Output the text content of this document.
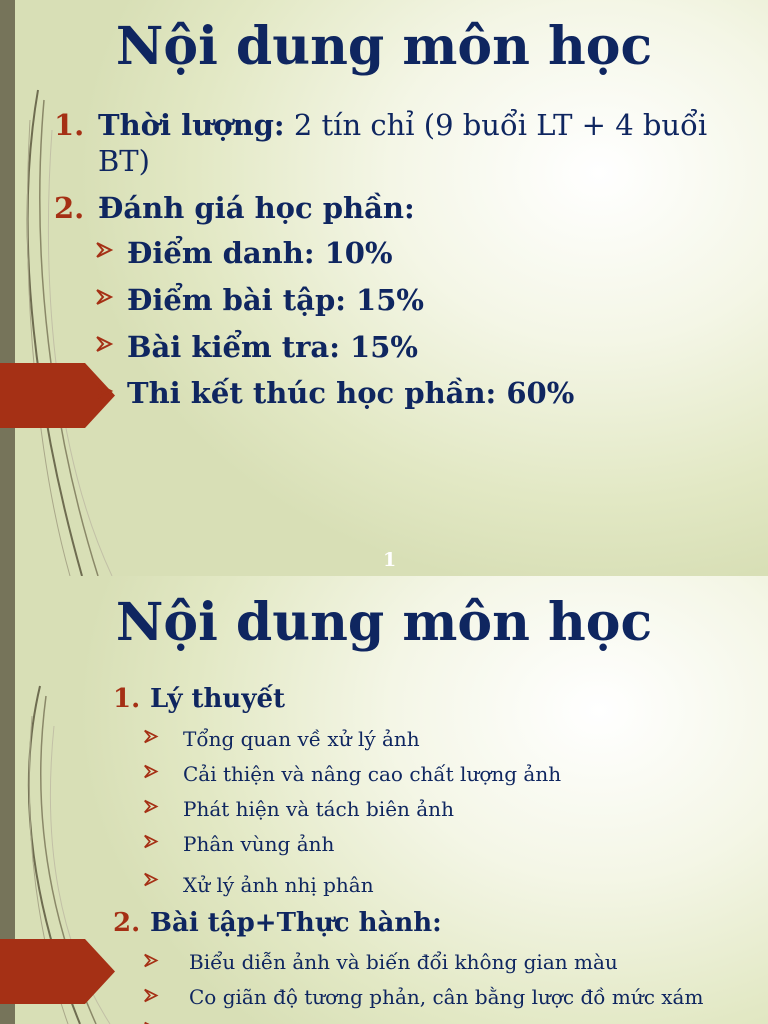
Nội dung môn học
1. Thời lượng: 2 tín chỉ (9 buổi LT + 4 buổi
BT)
2. Đánh giá học phần:
Điểm danh: 10%
Điểm bài tập: 15%
Bài kiểm tra: 15%
Thi kết thúc học phần: 60%
1
Nội dung môn học
1. Lý thuyết
Tổng quan về xử lý ảnh
Cải thiện và nâng cao chất lượng ảnh
Phát hiện và tách biên ảnh
Phân vùng ảnh
Xử lý ảnh nhị phân
2. Bài tập+Thực hành:
Biểu diễn ảnh và biến đổi không gian màu
Co giãn độ tương phản, cân bằng lược đồ mức xám
